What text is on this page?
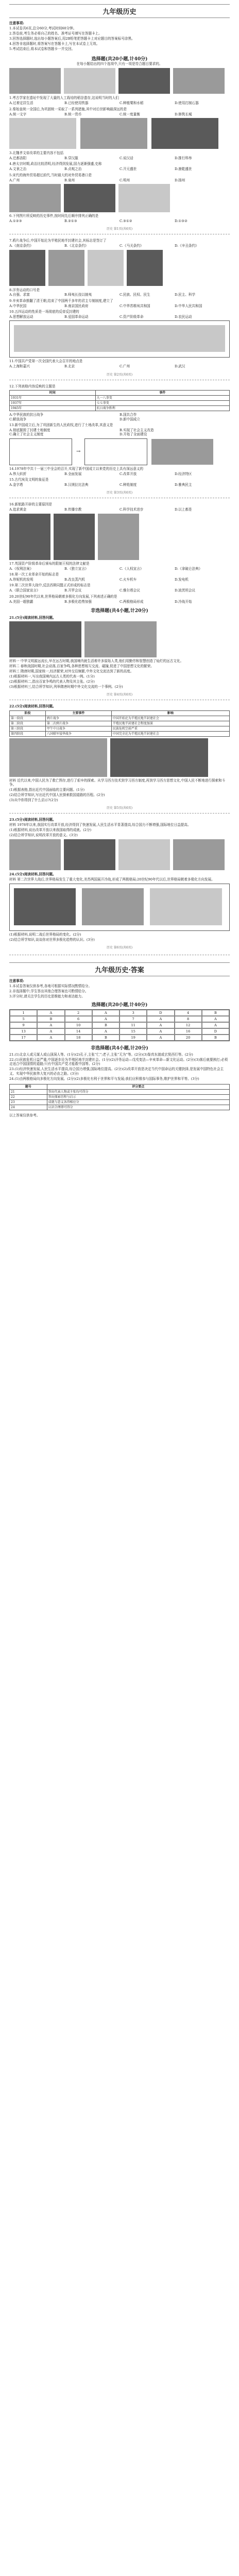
九年级历史

注意事项:

1.本试卷共6页,总分60分,考试时间60分钟。

2.答卷前,考生务必将自己的姓名、准考证号填写在答题卡上。

3.回答选择题时,选出每小题答案后,用2B铅笔把答题卡上对应题目的答案标号涂黑。

4.回答非选择题时,将答案写在答题卡上,写在本试卷上无效。

5.考试结束后,将本试卷和答题卡一并交回。

选择题(共20小题,计40分)

在每小题给出的四个选项中,只有一项是符合题目要求的。

1.考古学家在遗址中发现了大量的人工栽培的稻谷遗存,这说明当时的人们

A.过着定居生活	B.已经使用铁器	C.种植粟和水稻	D.使用打制石器

2.秦始皇统一全国后,为巩固统一采取了一系列措施,其中对后世影响最深远的是

A.统一文字	B.统一货币	C.统一度量衡	D.修筑长城

3.北魏孝文帝改革的主要内容不包括

A.迁都洛阳	B.穿汉服	C.说汉话	D.推行科举

4.唐太宗时期,政治比较清明,经济得到发展,国力逐渐强盛,史称

A.文景之治	B.贞观之治	C.开元盛世	D.康乾盛世

5.宋代的海外贸易超过前代,当时最大的对外贸易港口是

A.广州	B.泉州	C.明州	D.扬州

6.下列图片所反映的历史事件,按时间先后顺序排列正确的是

A.①②③	B.②①③	C.③①②	D.①③②
历史 第1页(共6页)

7.鸦片战争后,中国开始沦为半殖民地半封建社会,其标志是签订了

A.《南京条约》	B.《北京条约》	C.《马关条约》	D.《辛丑条约》

8.洋务运动的口号是

A.自强、求富	B.师夷长技以制夷	C.民族、民权、民生	D.民主、科学

9.辛亥革命推翻了清王朝,结束了中国两千多年的君主专制制度,建立了

A.中华民国	B.南京国民政府	C.中华苏维埃共和国	D.中华人民共和国

10.五四运动的性质是一场彻底的反帝反封建的

A.思想解放运动	B.爱国革命运动	C.资产阶级革命	D.农民运动

11.中国共产党第一次全国代表大会召开的地点是

A.上海和嘉兴	B.北京	C.广州	D.武汉
历史 第2页(共6页)

12.下列表格内容反映的主题是

时间	事件
1931年	九一八事变
1937年	七七事变
1945年	抗日战争胜利
A.中华民族的抗日战争	B.国共合作
C.解放战争	D.新中国成立

13.新中国成立后,为了巩固新生的人民政权,进行了土地改革,其意义是

A.彻底摧毁了封建土地制度	B.实现了社会主义改造
C.确立了社会主义制度	D.开始了全面建设
→

14.1978年中共十一届三中全会的召开,实现了新中国成立以来党的历史上具有深远意义的

A.伟大转折	B.全面发展	C.改革开放	D.经济特区

15.古代埃及文明的象征是

A.金字塔	B.汉谟拉比法典	C.种姓制度	D.雅典民主
历史 第3页(共6页)

16.新航路开辟的主要原因是

A.追求黄金	B.传播宗教	C.科学技术进步	D.以上都是

17.英国资产阶级革命后颁布的限制王权的法律文献是

A.《权利法案》	B.《独立宣言》	C.《人权宣言》	D.《拿破仑法典》

18.第一次工业革命开始的标志是

A.珍妮机的发明	B.改良蒸汽机	C.火车机车	D.发电机

19.第二次世界大战中,反法西斯同盟正式形成的标志是

A.《联合国家宣言》	B.开罗会议	C.雅尔塔会议	D.波茨坦会议

20.20世纪90年代以来,世界格局朝着多极化方向发展,下列表述正确的是

A.美国一超独霸	B.多极化趋势加强	C.两极格局形成	D.冷战开始
非选择题(共4小题,计20分)

21.(5分)阅读材料,回答问题。

材料一 中华文明源远流长,早在远古时期,我国境内就生活着许多原始人类,他们用勤劳和智慧创造了灿烂的远古文化。

材料二 春秋战国时期,社会动荡,百家争鸣,各种思想相互交流、碰撞,促进了中国思想文化的繁荣。

材料三 隋唐时期,国家统一,经济繁荣,对外交往频繁,中外文化交流达到了新的高度。

(1)根据材料一,写出我国境内远古人类的代表一例。(1分)

(2)根据材料二,指出百家争鸣的代表人物及其主张。(2分)

(3)根据材料三,结合所学知识,列举隋唐时期中外文化交流的一个事例。(2分)

历史 第4页(共6页)

22.(5分)阅读材料,回答问题。

阶段	主要事件	影响
第一阶段	鸦片战争	中国开始沦为半殖民地半封建社会
第二阶段	第二次鸦片战争	半殖民地半封建社会程度加深
第三阶段	甲午中日战争	民族危机空前严重
第四阶段	八国联军侵华战争	中国完全沦为半殖民地半封建社会

材料 近代以来,中国人民为了救亡图存,进行了艰辛的探索。从学习西方技术到学习西方制度,再到学习西方思想文化,中国人民不断地进行探索和斗争。

(1)根据表格,指出近代中国面临的主要问题。(1分)

(2)结合所学知识,写出近代中国人民探索救国道路的历程。(2分)

(3)从中你得到了什么启示?(2分)

历史 第5页(共6页)

23.(5分)阅读材料,回答问题。

材料 1978年以来,我国实行改革开放,经济得到了快速发展,人民生活水平显著提高,综合国力不断增强,国际地位日益提高。

(1)根据材料,说出改革开放以来我国取得的成就。(2分)

(2)结合所学知识,说明改革开放的意义。(3分)

24.(5分)阅读材料,回答问题。

材料 第二次世界大战后,世界格局发生了重大变化,美苏两国展开冷战,形成了两极格局;20世纪90年代以后,世界格局朝着多极化方向发展。

(1)根据材料,说明二战后世界格局的变化。(2分)

(2)结合所学知识,谈谈你对世界多极化趋势的认识。(3分)

历史 第6页(共6页)
九年级历史·答案

注意事项:

1.本试卷答案仅供参考,各地可根据实际情况酌情给分。

2.非选择题中,学生答出其他合理答案也可酌情给分。

3.评分时,请关注学生的历史思维能力和表达能力。

选择题(共20小题,计40分)
1	A	2	A	3	D	4	B
5	B	6	A	7	A	8	A
9	A	10	B	11	A	12	A
13	A	14	A	15	A	16	D
17	A	18	B	19	A	20	B
非选择题(共4小题,计20分)

21.(1)北京人或元谋人或山顶洞人等。(1分)(2)孔子,主张“仁”;老子,主张“无为”等。(2分)(3)鉴真东渡或玄奘西行等。(2分)

22.(1)民族危机日益严重,中国逐步沦为半殖民地半封建社会。(1分)(2)洋务运动—戊戌变法—辛亥革命—新文化运动。(2分)(3)落后就要挨打;必须走适合中国国情的道路;只有中国共产党才能救中国等。(2分)

23.(1)经济快速发展,人民生活水平提高,综合国力增强,国际地位提高。(2分)(2)改革开放是决定当代中国命运的关键抉择,是发展中国特色社会主义、实现中华民族伟大复兴的必由之路。(3分)

24.(1)由两极格局向多极化方向发展。(2分)(2)多极化有利于世界和平与发展;我们应积极参与国际事务,维护世界和平等。(3分)

题号	评分要点
21	答出代表人物或主张均可得分
22	答出探索历程与启示
23	成就与意义各得相应分
24	认识合理即可得分

以上答案仅供参考。
